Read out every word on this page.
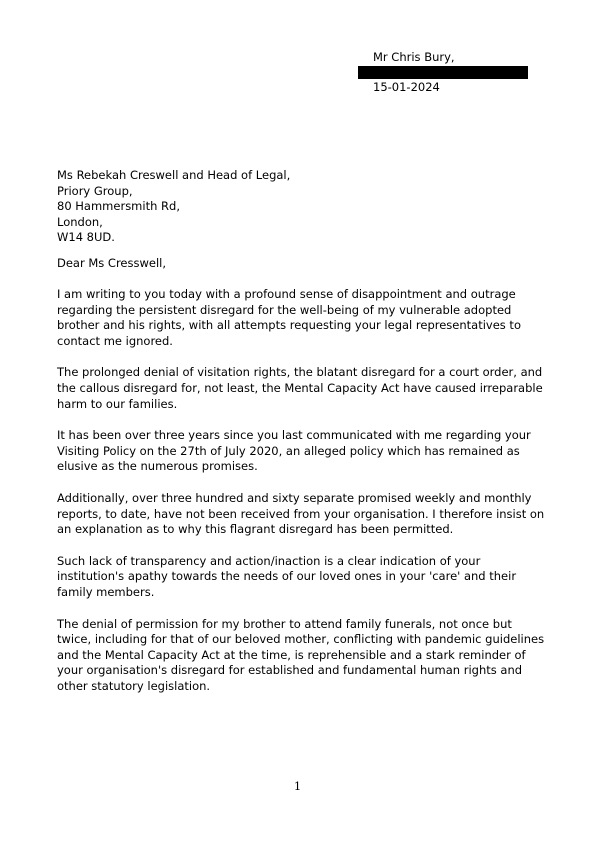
Mr Chris Bury,
15-01-2024
Ms Rebekah Creswell and Head of Legal,
Priory Group,
80 Hammersmith Rd,
London,
W14 8UD.
Dear Ms Cresswell,

I am writing to you today with a profound sense of disappointment and outrage regarding the persistent disregard for the well-being of my vulnerable adopted brother and his rights, with all attempts requesting your legal representatives to contact me ignored.

The prolonged denial of visitation rights, the blatant disregard for a court order, and the callous disregard for, not least, the Mental Capacity Act have caused irreparable harm to our families.

It has been over three years since you last communicated with me regarding your Visiting Policy on the 27th of July 2020, an alleged policy which has remained as elusive as the numerous promises.

Additionally, over three hundred and sixty separate promised weekly and monthly reports, to date, have not been received from your organisation. I therefore insist on an explanation as to why this flagrant disregard has been permitted.

Such lack of transparency and action/inaction is a clear indication of your institution's apathy towards the needs of our loved ones in your 'care' and their family members.

The denial of permission for my brother to attend family funerals, not once but twice, including for that of our beloved mother, conflicting with pandemic guidelines and the Mental Capacity Act at the time, is reprehensible and a stark reminder of your organisation's disregard for established and fundamental human rights and other statutory legislation.

1
